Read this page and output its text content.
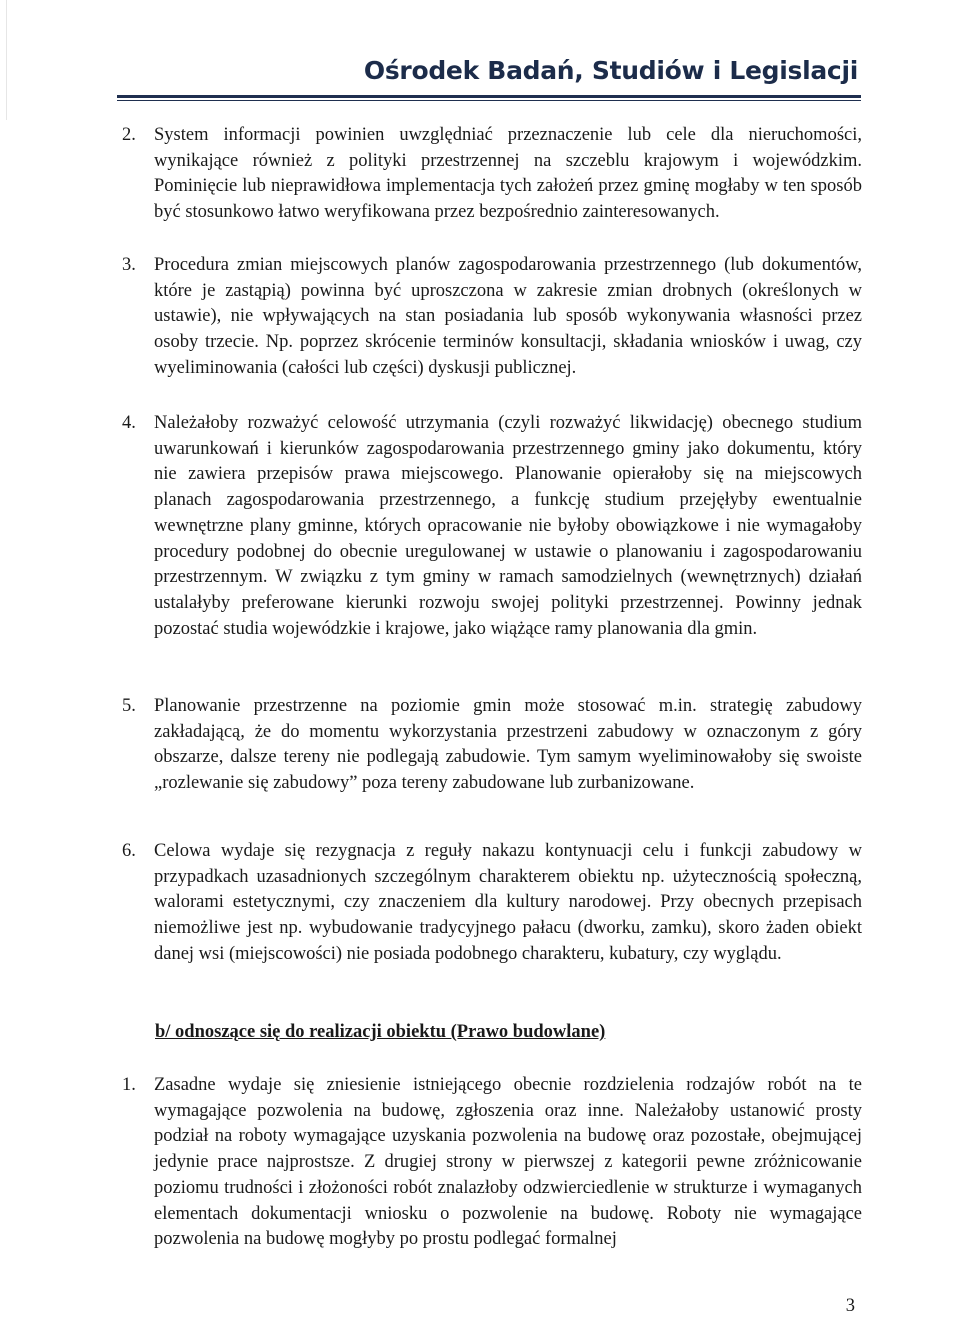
Ośrodek Badań, Studiów i Legislacji
2. System informacji powinien uwzględniać przeznaczenie lub cele dla nieruchomości, wynikające również z polityki przestrzennej na szczeblu krajowym i wojewódzkim. Pominięcie lub nieprawidłowa implementacja tych założeń przez gminę mogłaby w ten sposób być stosunkowo łatwo weryfikowana przez bezpośrednio zainteresowanych.
3. Procedura zmian miejscowych planów zagospodarowania przestrzennego (lub dokumentów, które je zastąpią) powinna być uproszczona w zakresie zmian drobnych (określonych w ustawie), nie wpływających na stan posiadania lub sposób wykonywania własności przez osoby trzecie. Np. poprzez skrócenie terminów konsultacji, składania wniosków i uwag, czy wyeliminowania (całości lub części) dyskusji publicznej.
4. Należałoby rozważyć celowość utrzymania (czyli rozważyć likwidację) obecnego studium uwarunkowań i kierunków zagospodarowania przestrzennego gminy jako dokumentu, który nie zawiera przepisów prawa miejscowego. Planowanie opierałoby się na miejscowych planach zagospodarowania przestrzennego, a funkcję studium przejęłyby ewentualnie wewnętrzne plany gminne, których opracowanie nie byłoby obowiązkowe i nie wymagałoby procedury podobnej do obecnie uregulowanej w ustawie o planowaniu i zagospodarowaniu przestrzennym. W związku z tym gminy w ramach samodzielnych (wewnętrznych) działań ustalałyby preferowane kierunki rozwoju swojej polityki przestrzennej. Powinny jednak pozostać studia wojewódzkie i krajowe, jako wiążące ramy planowania dla gmin.
5. Planowanie przestrzenne na poziomie gmin może stosować m.in. strategię zabudowy zakładającą, że do momentu wykorzystania przestrzeni zabudowy w oznaczonym z góry obszarze, dalsze tereny nie podlegają zabudowie. Tym samym wyeliminowałoby się swoiste „rozlewanie się zabudowy” poza tereny zabudowane lub zurbanizowane.
6. Celowa wydaje się rezygnacja z reguły nakazu kontynuacji celu i funkcji zabudowy w przypadkach uzasadnionych szczególnym charakterem obiektu np. użytecznością społeczną, walorami estetycznymi, czy znaczeniem dla kultury narodowej. Przy obecnych przepisach niemożliwe jest np. wybudowanie tradycyjnego pałacu (dworku, zamku), skoro żaden obiekt danej wsi (miejscowości) nie posiada podobnego charakteru, kubatury, czy wyglądu.
b/ odnoszące się do realizacji obiektu (Prawo budowlane)
1. Zasadne wydaje się zniesienie istniejącego obecnie rozdzielenia rodzajów robót na te wymagające pozwolenia na budowę, zgłoszenia oraz inne. Należałoby ustanowić prosty podział na roboty wymagające uzyskania pozwolenia na budowę oraz pozostałe, obejmującej jedynie prace najprostsze. Z drugiej strony w pierwszej z kategorii pewne zróżnicowanie poziomu trudności i złożoności robót znalazłoby odzwierciedlenie w strukturze i wymaganych elementach dokumentacji wniosku o pozwolenie na budowę. Roboty nie wymagające pozwolenia na budowę mogłyby po prostu podlegać formalnej
3
